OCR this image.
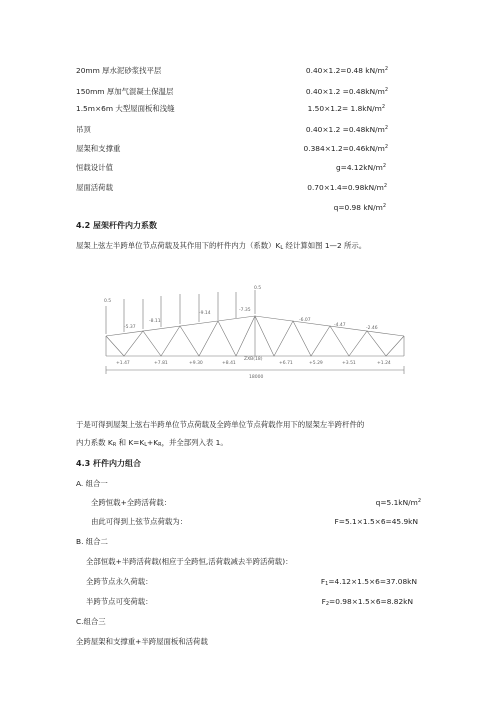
20mm 厚水泥砂浆找平层	0.40×1.2=0.48 $kN/m^2$
150mm 厚加气混凝土保温层	$0.40\times 1.2 =0.48kN/m^2$
1.5m×6m 大型屋面板和浅缝	$1.50\times 1.2= 1.8kN/m^2$
吊顶	$0.40\times 1.2 =0.48kN/m^2$
屋架和支撑重	$0.384\times 1.2=0.46kN/m^2$
恒载设计值	$g=4.12kN/m^2$
屋面活荷载	$0.70\times 1.4=0.98kN/m^2$
q=0.98 $kN/m^2$
4.2 屋架杆件内力系数
屋架上弦左半跨单位节点荷载及其作用下的杆件内力（系数）$K_L$ 经计算如图 1—2 所示。
0.5
0.5
-5.37
-8.11
-9.14
-7.35
-6.07
-4.47
-2.46
+1.47	+7.81	+9.30	+8.41	+6.71	+5.29	+3.51	+1.24
ZXB(18)
18000
于是可得到屋架上弦右半跨单位节点荷载及全跨单位节点荷载作用下的屋架左半跨杆件的
内力系数 $K_R$ 和 $K=K_L+K_R$，并全部列入表 1。
4.3 杆件内力组合
A. 组合一
全跨恒载+全跨活荷载：	$q=5.1kN/m^2$
由此可得到上弦节点荷载为：	F=5.1×1.5×6=45.9kN
B. 组合二
全部恒载+半跨活荷载(相应于全跨恒,活荷载减去半跨活荷载)：
全跨节点永久荷载：	$F_1=4.12\times 1.5\times 6=37.08kN$
半跨节点可变荷载：	$F_2=0.98\times 1.5\times 6=8.82kN$
C.组合三
全跨屋架和支撑重+半跨屋面板和活荷载
